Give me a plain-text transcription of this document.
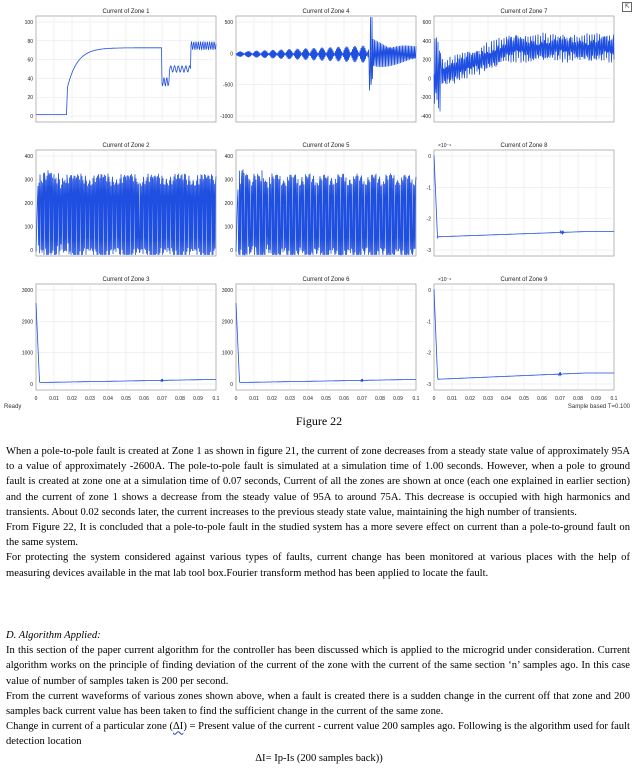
100
80
60
40
20
0
Current of Zone 1
500
0
-500
-1000
Current of Zone 4
600
400
200
0
-200
-400
Current of Zone 7
400
300
200
100
0
Current of Zone 2
400
300
200
100
0
Current of Zone 5
0
-1
-2
-3
Current of Zone 8
×10⁻⁴
3000
2000
1000
0
Current of Zone 3
0 0.01 0.02 0.03 0.04 0.05 0.06 0.07 0.08 0.09 0.1
3000
2000
1000
0
Current of Zone 6
0 0.01 0.02 0.03 0.04 0.05 0.06 0.07 0.08 0.09 0.1
0
-1
-2
-3
Current of Zone 9
×10⁻⁴
0 0.01 0.02 0.03 0.04 0.05 0.06 0.07 0.08 0.09 0.1
⇱
Ready	Sample based T=0.100
Figure 22

When a pole-to-pole fault is created at Zone 1 as shown in figure 21, the current of zone decreases from a steady state value of approximately 95A to a value of approximately -2600A. The pole-to-pole fault is simulated at a simulation time of 1.00 seconds. However, when a pole to ground fault is created at zone one at a simulation time of 0.07 seconds, Current of all the zones are shown at once (each one explained in earlier section) and the current of zone 1 shows a decrease from the steady value of 95A to around 75A. This decrease is occupied with high harmonics and transients. About 0.02 seconds later, the current increases to the previous steady state value, maintaining the high number of transients.

From Figure 22, It is concluded that a pole-to-pole fault in the studied system has a more severe effect on current than a pole-to-ground fault on the same system.

For protecting the system considered against various types of faults, current change has been monitored at various places with the help of measuring devices available in the mat lab tool box.Fourier transform method has been applied to locate the fault.

D. Algorithm Applied:

In this section of the paper current algorithm for the controller has been discussed which is applied to the microgrid under consideration. Current algorithm works on the principle of finding deviation of the current of the zone with the current of the same section ‘n’ samples ago. In this case value of number of samples taken is 200 per second.

From the current waveforms of various zones shown above, when a fault is created there is a sudden change in the current off that zone and 200 samples back current value has been taken to find the sufficient change in the current of the same zone.

Change in current of a particular zone (ΔI) = Present value of the current - current value 200 samples ago. Following is the algorithm used for fault detection location

ΔI= Ip-Is (200 samples back))
